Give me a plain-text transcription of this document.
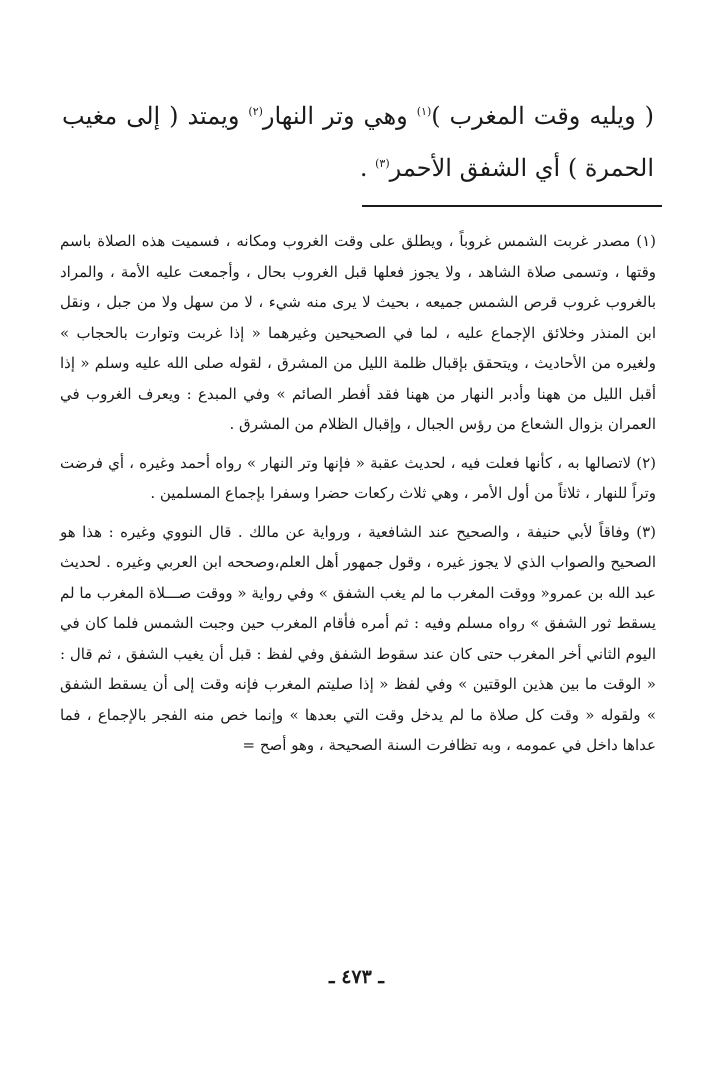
( ويليه وقت المغرب )$^{(١)}$ وهي وتر النهار$^{(٢)}$ ويمتد ( إلى مغيب الحمرة ) أي الشفق الأحمر$^{(٣)}$ .

(١) مصدر غربت الشمس غروباً ، ويطلق على وقت الغروب ومكانه ، فسميت هذه الصلاة باسم وقتها ، وتسمى صلاة الشاهد ، ولا يجوز فعلها قبل الغروب بحال ، وأجمعت عليه الأمة ، والمراد بالغروب غروب قرص الشمس جميعه ، بحيث لا يرى منه شيء ، لا من سهل ولا من جبل ، ونقل ابن المنذر وخلائق الإجماع عليه ، لما في الصحيحين وغيرهما « إذا غربت وتوارت بالحجاب » ولغيره من الأحاديث ، ويتحقق بإقبال ظلمة الليل من المشرق ، لقوله صلى الله عليه وسلم « إذا أقبل الليل من ههنا وأدبر النهار من ههنا فقد أفطر الصائم » وفي المبدع : ويعرف الغروب في العمران بزوال الشعاع من رؤس الجبال ، وإقبال الظلام من المشرق .

(٢) لاتصالها به ، كأنها فعلت فيه ، لحديث عقبة « فإنها وتر النهار » رواه أحمد وغيره ، أي فرضت وتراً للنهار ، ثلاثاً من أول الأمر ، وهي ثلاث ركعات حضرا وسفرا بإجماع المسلمين .

(٣) وفاقاً لأبي حنيفة ، والصحيح عند الشافعية ، ورواية عن مالك . قال النووي وغيره : هذا هو الصحيح والصواب الذي لا يجوز غيره ، وقول جمهور أهل العلم،وصححه ابن العربي وغيره . لحديث عبد الله بن عمرو« ووقت المغرب ما لم يغب الشفق » وفي رواية « ووقت صـــلاة المغرب ما لم يسقط ثور الشفق » رواه مسلم وفيه : ثم أمره فأقام المغرب حين وجبت الشمس فلما كان في اليوم الثاني أخر المغرب حتى كان عند سقوط الشفق وفي لفظ : قبل أن يغيب الشفق ، ثم قال : « الوقت ما بين هذين الوقتين » وفي لفظ « إذا صليتم المغرب فإنه وقت إلى أن يسقط الشفق » ولقوله « وقت كل صلاة ما لم يدخل وقت التي بعدها » وإنما خص منه الفجر بالإجماع ، فما عداها داخل في عمومه ، وبه تظافرت السنة الصحيحة ، وهو أصح =

ـ ٤٧٣ ـ
